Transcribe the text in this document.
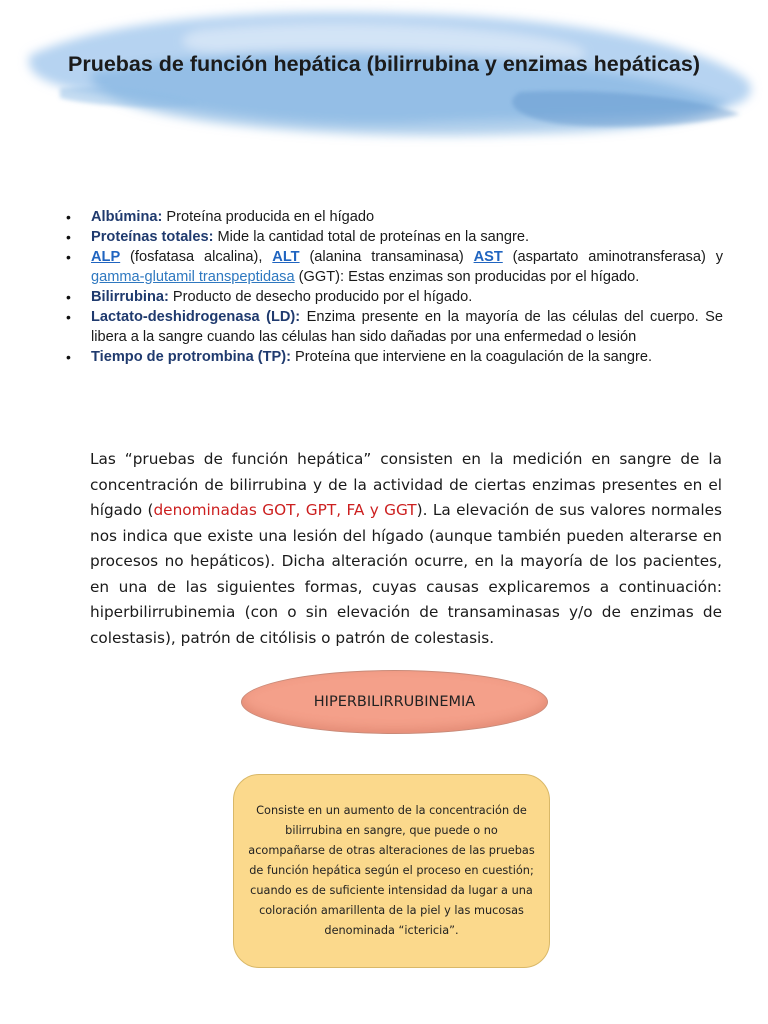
Pruebas de función hepática (bilirrubina y enzimas hepáticas)
• Albúmina: Proteína producida en el hígado
• Proteínas totales: Mide la cantidad total de proteínas en la sangre.
• ALP (fosfatasa alcalina), ALT (alanina transaminasa) AST (aspartato aminotransferasa) y gamma-glutamil transpeptidasa (GGT): Estas enzimas son producidas por el hígado.
• Bilirrubina: Producto de desecho producido por el hígado.
• Lactato-deshidrogenasa (LD): Enzima presente en la mayoría de las células del cuerpo. Se libera a la sangre cuando las células han sido dañadas por una enfermedad o lesión
• Tiempo de protrombina (TP): Proteína que interviene en la coagulación de la sangre.

Las “pruebas de función hepática” consisten en la medición en sangre de la concentración de bilirrubina y de la actividad de ciertas enzimas presentes en el hígado (denominadas GOT, GPT, FA y GGT). La elevación de sus valores normales nos indica que existe una lesión del hígado (aunque también pueden alterarse en procesos no hepáticos). Dicha alteración ocurre, en la mayoría de los pacientes, en una de las siguientes formas, cuyas causas explicaremos a continuación: hiperbilirrubinemia (con o sin elevación de transaminasas y/o de enzimas de colestasis), patrón de citólisis o patrón de colestasis.

HIPERBILIRRUBINEMIA
Consiste en un aumento de la concentración de bilirrubina en sangre, que puede o no acompañarse de otras alteraciones de las pruebas de función hepática según el proceso en cuestión; cuando es de suficiente intensidad da lugar a una coloración amarillenta de la piel y las mucosas denominada “ictericia”.
